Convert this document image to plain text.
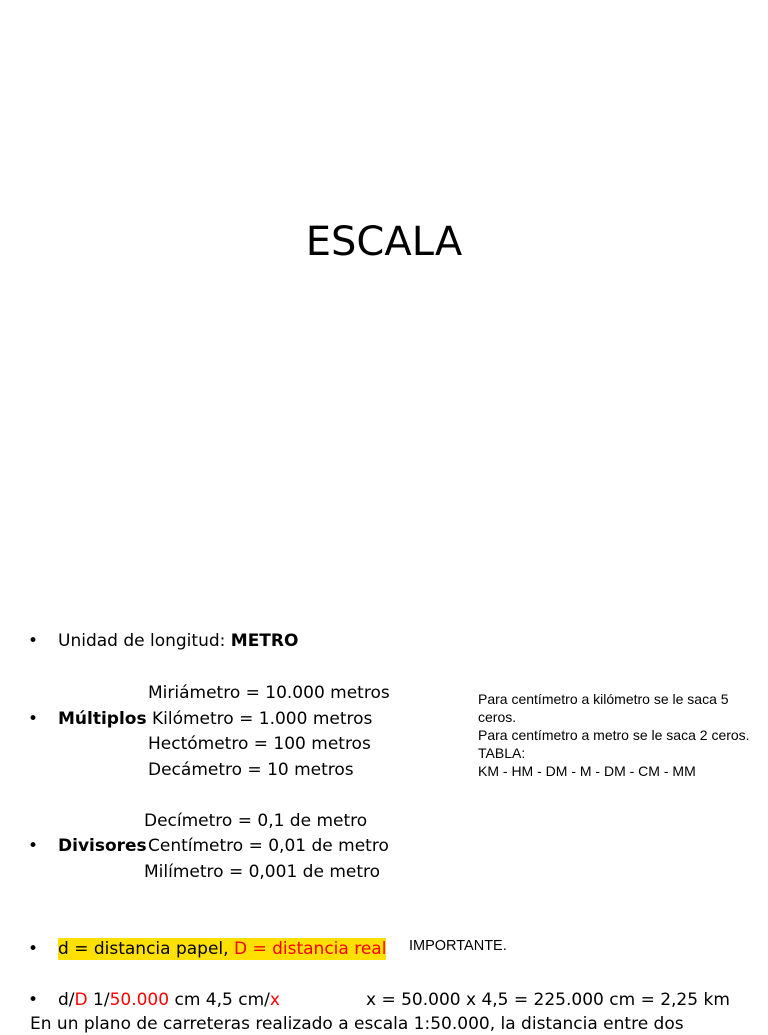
ESCALA
• Unidad de longitud: METRO
Miriámetro = 10.000 metros
• Múltiplos Kilómetro = 1.000 metros
Hectómetro = 100 metros
Decámetro = 10 metros
Para centímetro a kilómetro se le saca 5 ceros.
Para centímetro a metro se le saca 2 ceros.
TABLA:
KM - HM - DM - M - DM - CM - MM
Decímetro = 0,1 de metro
• Divisores Centímetro = 0,01 de metro
Milímetro = 0,001 de metro
• d = distancia papel, D = distancia real IMPORTANTE.
• d/D 1/50.000 cm 4,5 cm/x	x = 50.000 x 4,5 = 225.000 cm = 2,25 km
En un plano de carreteras realizado a escala 1:50.000, la distancia entre dos
